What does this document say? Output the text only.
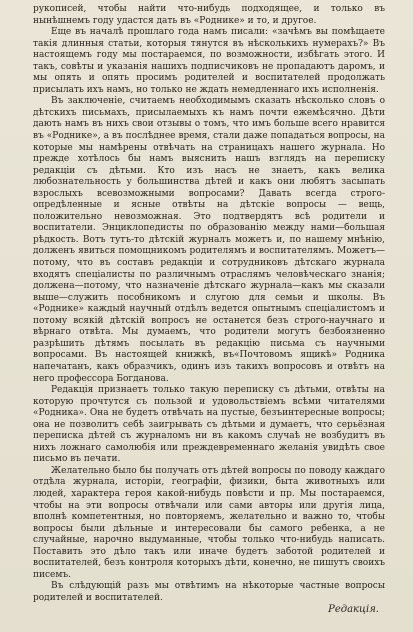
рукописей, чтобы найти что-нибудь подходящее, и только въ нынѣшнемъ году удастся дать въ «Роднике» и то, и другое.

Еще въ началѣ прошлаго года намъ писали: «зачѣмъ вы помѣщаете такія длинныя статьи, которыя тянутся въ нѣсколькихъ нумерахъ?» Въ настоящемъ году мы постараемся, по возможности, избѣгать этого. И такъ, совѣты и указанія нашихъ подписчиковъ не пропадаютъ даромъ, и мы опять и опять просимъ родителей и воспитателей продолжать присылать ихъ намъ, но только не ждать немедленнаго ихъ исполненія.

Въ заключеніе, считаемъ необходимымъ сказать нѣсколько словъ о дѣтскихъ письмахъ, присылаемыхъ къ намъ почти ежемѣсячно. Дѣти дають намъ въ нихъ свои отзывы о томъ, что имъ больше всего нравится въ «Роднике», а въ послѣднее время, стали даже попадаться вопросы, на которые мы намѣрены отвѣчать на страницахъ нашего журнала. Но прежде хотѣлось бы намъ выяснить нашъ взглядъ на переписку редакціи съ дѣтьми. Кто изъ насъ не знаетъ, какъ велика любознательность у большинства дѣтей и какъ они любятъ засыпать взрослыхъ всевозможными вопросами? Давать всегда строго-опредѣленные и ясные отвѣты на дѣтскіе вопросы — вещь, положительно невозможная. Это подтвердятъ всѣ родители и воспитатели. Энциклопедисты по образованію между нами—большая рѣдкость. Вотъ тутъ-то дѣтскій журналъ можетъ и, по нашему мнѣнію, долженъ явиться помощникомъ родителямъ и воспитателямъ. Можетъ—потому, что въ составъ редакціи и сотрудниковъ дѣтскаго журнала входятъ спеціалисты по различнымъ отраслямъ человѣческаго знанія; должена—потому, что назначеніе дѣтскаго журнала—какъ мы сказали выше—служить пособникомъ и слугою для семьи и школы. Въ «Роднике» каждый научный отдѣлъ ведется опытнымъ спеціалистомъ и потому всякій дѣтскій вопросъ не останется безъ строго-научнаго и вѣрнаго отвѣта. Мы думаемъ, что родители могутъ безбоязненно разрѣшить дѣтямъ посылать въ редакцію письма съ научными вопросами. Въ настоящей книжкѣ, въ«Почтовомъ ящикѣ» Родника напечатанъ, какъ образчикъ, одинъ изъ такихъ вопросовъ и отвѣтъ на него профессора Богданова.

Редакція признаетъ только такую переписку съ дѣтьми, отвѣты на которую прочтутся съ пользой и удовольствіемъ всѣми читателями «Родника». Она не будетъ отвѣчать на пустые, безъинтересные вопросы; она не позволитъ себѣ заигрывать съ дѣтьми и думаетъ, что серьёзная переписка дѣтей съ журналомъ ни въ какомъ случаѣ не возбудитъ въ нихъ ложнаго самолюбія или преждевременнаго желанія увидѣть свое письмо въ печати.

Желательно было бы получать отъ дѣтей вопросы по поводу каждаго отдѣла журнала, исторіи, географіи, физики, быта животныхъ или людей, характера героя какой-нибудь повѣсти и пр. Мы постараемся, чтобы на эти вопросы отвѣчали или сами авторы или другія лица, вполнѣ компетентныя, но повторяемъ, желательно и важно то, чтобы вопросы были дѣльные и интересовали бы самого ребенка, а не случайные, нарочно выдуманные, чтобы только что-нибудь написать. Поставить это дѣло такъ или иначе будетъ заботой родителей и воспитателей, безъ контроля которыхъ дѣти, конечно, не пишутъ своихъ писемъ.

Въ слѣдующій разъ мы отвѣтимъ на нѣкоторые частные вопросы родителей и воспитателей.

Редакція.
